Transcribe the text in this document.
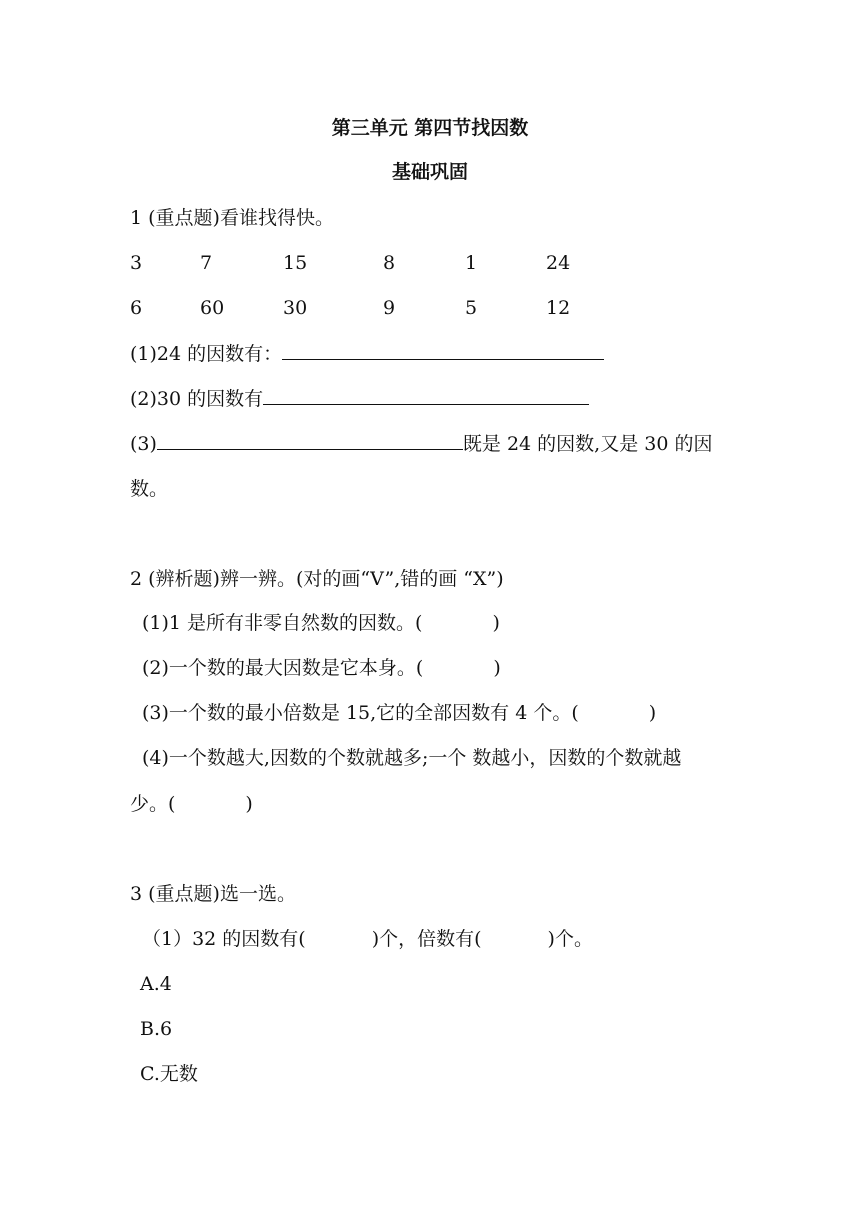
第三单元 第四节找因数
基础巩固
1 (重点题)看谁找得快。
3	7	15	8	1	24
6	60	30	9	5	12
(1)24 的因数有：
(2)30 的因数有
(3)	既是 24 的因数,又是 30 的因
数。
2 (辨析题)辨一辨。(对的画“V”,错的画 “X”)
(1)1 是所有非零自然数的因数。(	)
(2)一个数的最大因数是它本身。(	)
(3)一个数的最小倍数是 15,它的全部因数有 4 个。(	)
(4)一个数越大,因数的个数就越多;一个 数越小，因数的个数就越
少。(	)
3 (重点题)选一选。
（1）32 的因数有(	)个，倍数有(	)个。
A.4
B.6
C.无数
